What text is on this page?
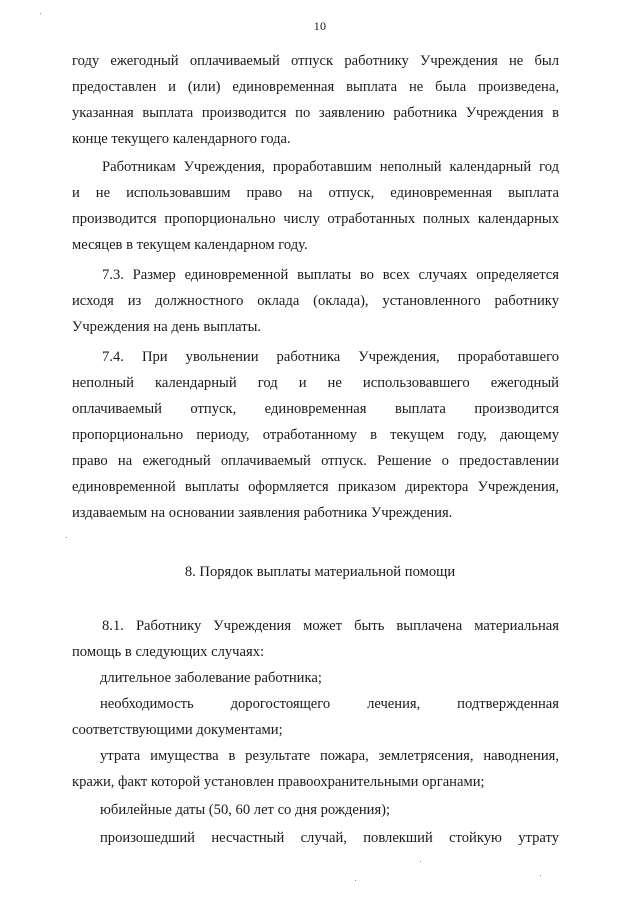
10
году ежегодный оплачиваемый отпуск работнику Учреждения не был
предоставлен и (или) единовременная выплата не была произведена,
указанная выплата производится по заявлению работника Учреждения в
конце текущего календарного года.
Работникам Учреждения, проработавшим неполный календарный год
и не использовавшим право на отпуск, единовременная выплата
производится пропорционально числу отработанных полных календарных
месяцев в текущем календарном году.
7.3. Размер единовременной выплаты во всех случаях определяется
исходя из должностного оклада (оклада), установленного работнику
Учреждения на день выплаты.
7.4. При увольнении работника Учреждения, проработавшего
неполный календарный год и не использовавшего ежегодный
оплачиваемый отпуск, единовременная выплата производится
пропорционально периоду, отработанному в текущем году, дающему
право на ежегодный оплачиваемый отпуск. Решение о предоставлении
единовременной выплаты оформляется приказом директора Учреждения,
издаваемым на основании заявления работника Учреждения.
8. Порядок выплаты материальной помощи
8.1. Работнику Учреждения может быть выплачена материальная
помощь в следующих случаях:
длительное заболевание работника;
необходимость дорогостоящего лечения, подтвержденная
соответствующими документами;
утрата имущества в результате пожара, землетрясения, наводнения,
кражи, факт которой установлен правоохранительными органами;
юбилейные даты (50, 60 лет со дня рождения);
произошедший несчастный случай, повлекший стойкую утрату
